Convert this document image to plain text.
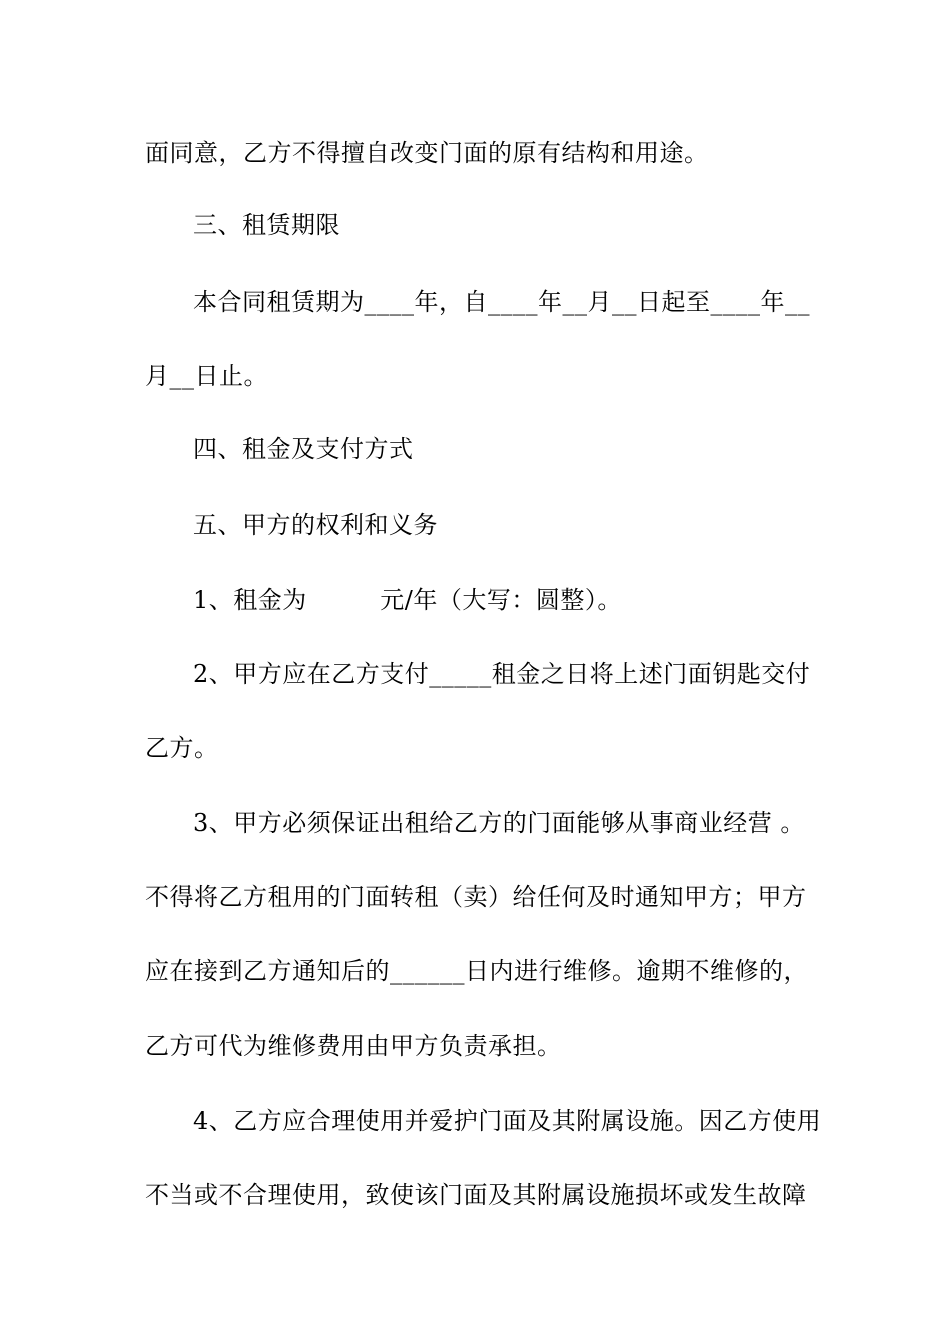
面同意，乙方不得擅自改变门面的原有结构和用途。
三、租赁期限
本合同租赁期为____年，自____年__月__日起至____年__
月__日止。
四、租金及支付方式
五、甲方的权利和义务
1、租金为　　　元/年（大写：圆整）。
2、甲方应在乙方支付_____租金之日将上述门面钥匙交付
乙方。
3、甲方必须保证出租给乙方的门面能够从事商业经营 。
不得将乙方租用的门面转租（卖）给任何及时通知甲方；甲方
应在接到乙方通知后的______日内进行维修。逾期不维修的，
乙方可代为维修费用由甲方负责承担。
4、乙方应合理使用并爱护门面及其附属设施。因乙方使用
不当或不合理使用，致使该门面及其附属设施损坏或发生故障
